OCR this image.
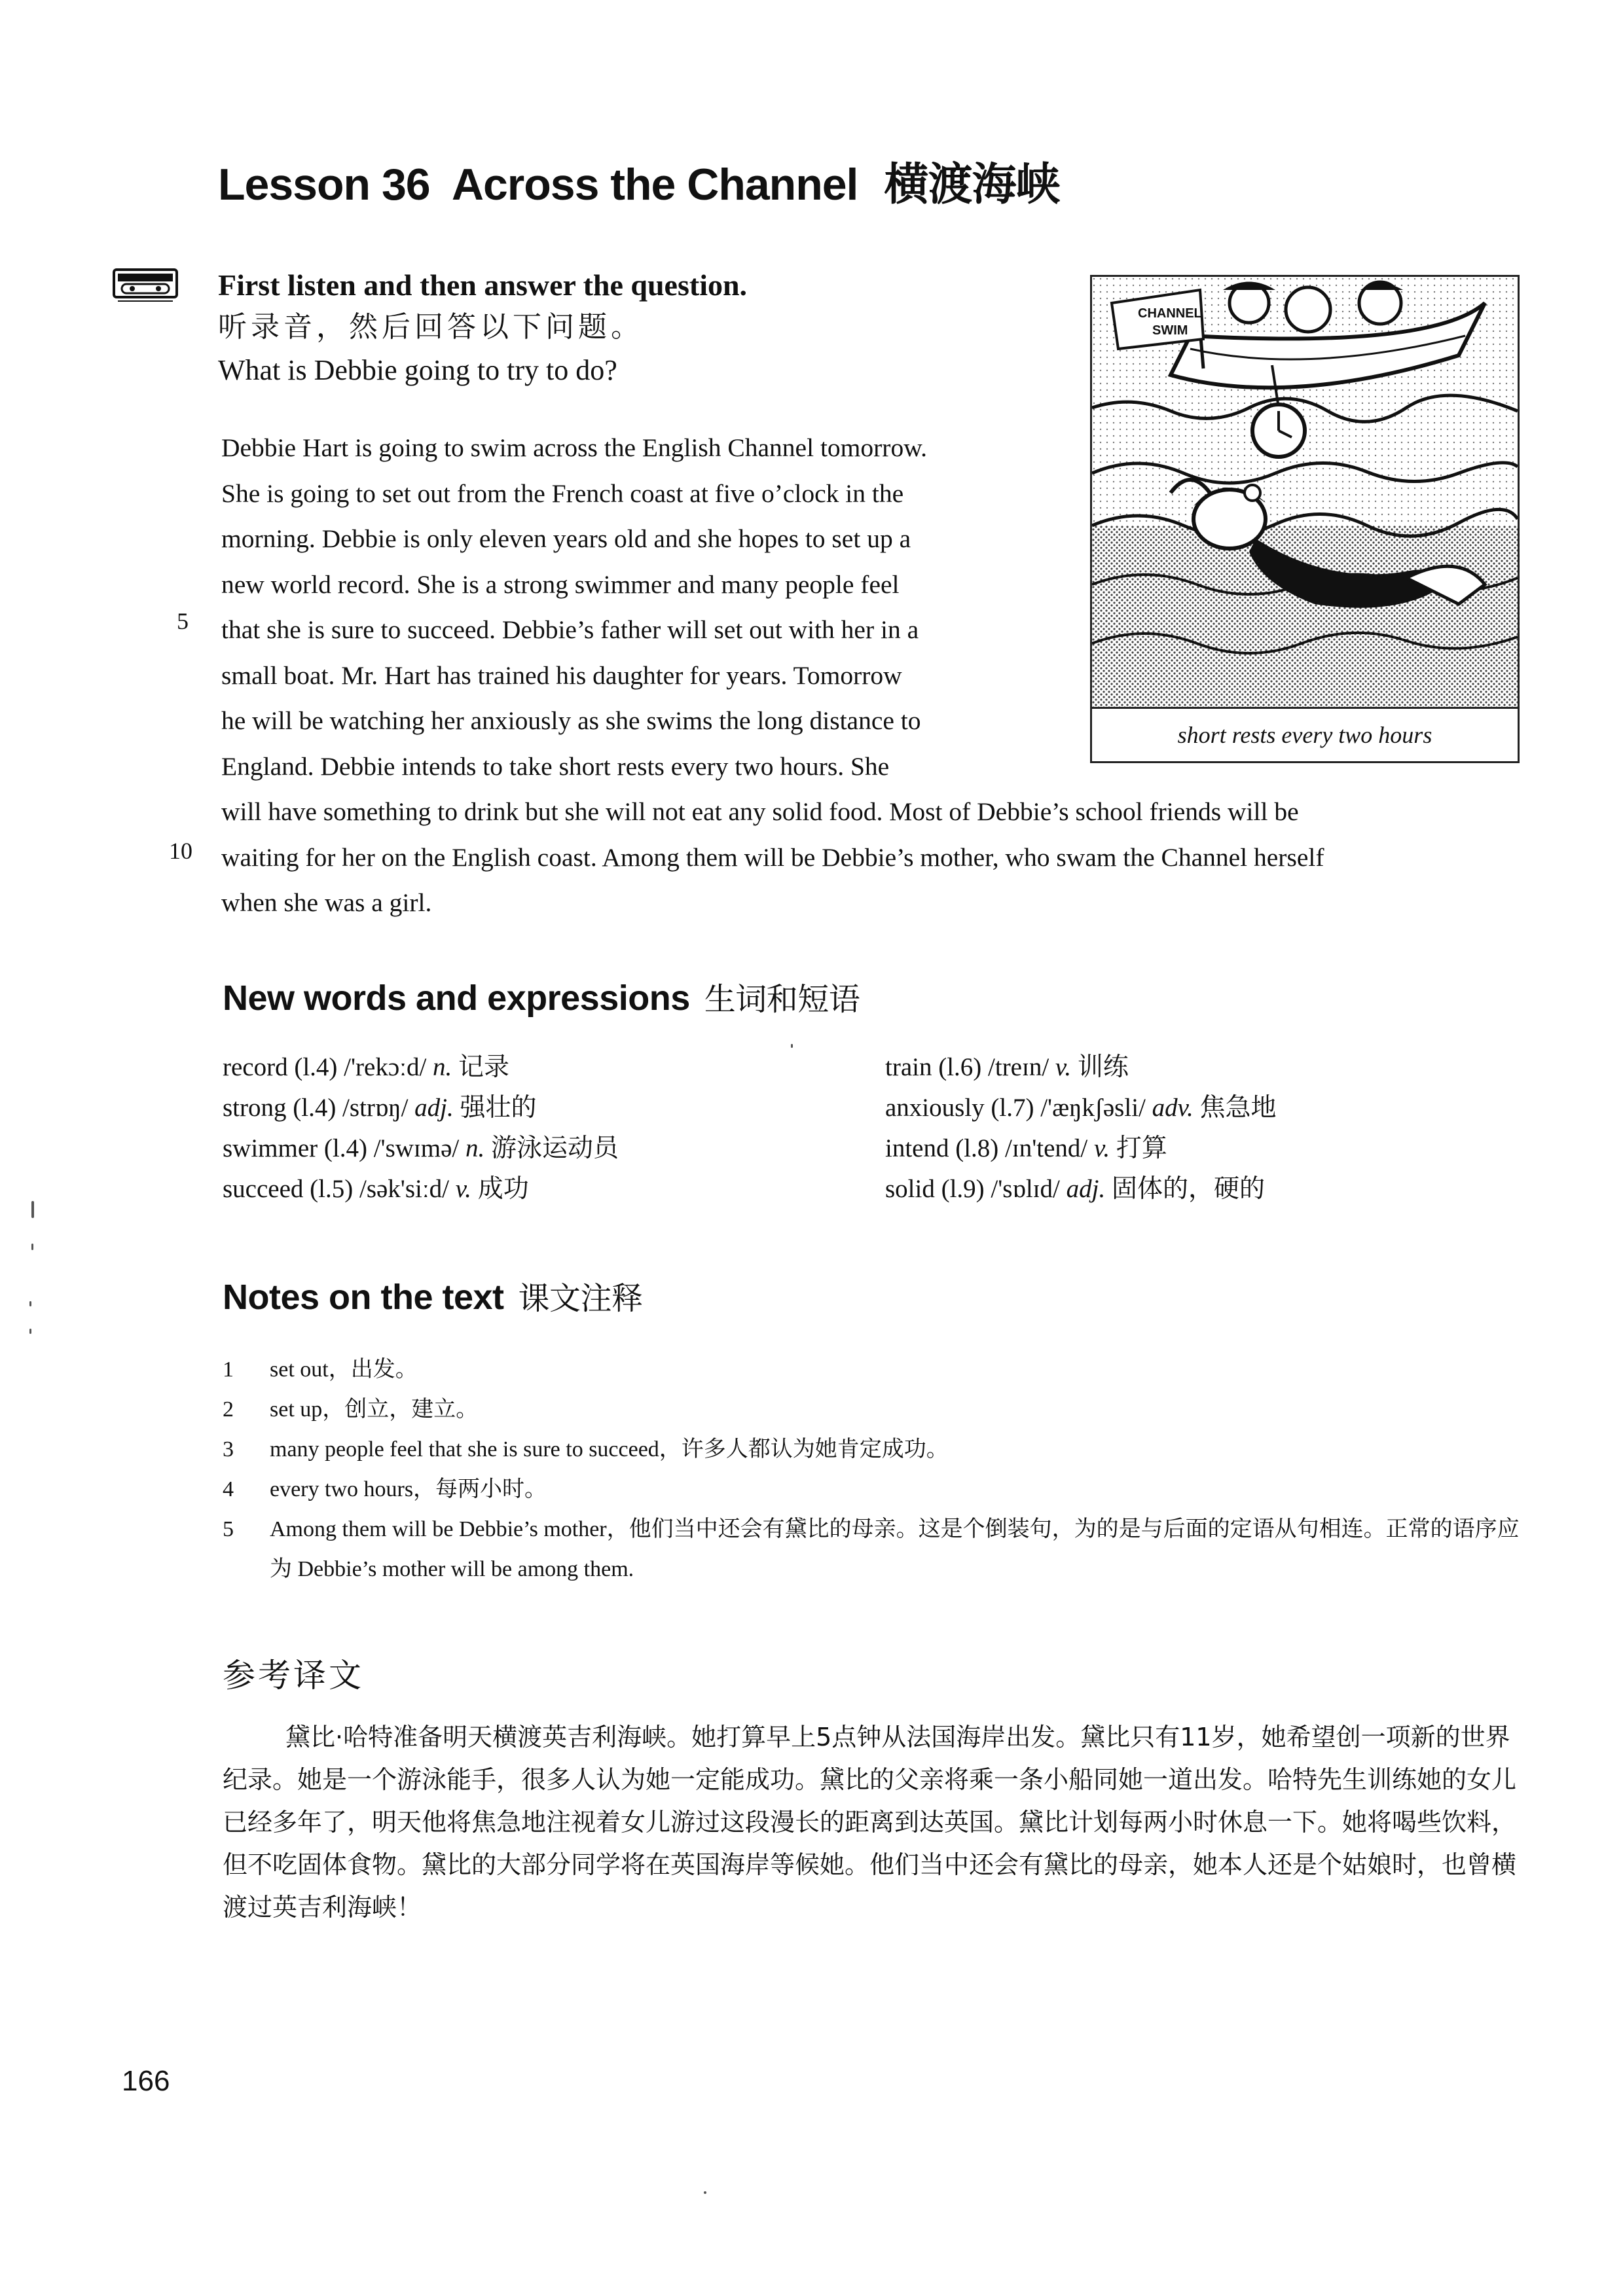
Lesson 36  Across the Channel 横渡海峡
First listen and then answer the question.
听录音，然后回答以下问题。
What is Debbie going to try to do?
Debbie Hart is going to swim across the English Channel tomorrow.
She is going to set out from the French coast at five o’clock in the
morning. Debbie is only eleven years old and she hopes to set up a
new world record. She is a strong swimmer and many people feel
that she is sure to succeed. Debbie’s father will set out with her in a
small boat. Mr. Hart has trained his daughter for years. Tomorrow
he will be watching her anxiously as she swims the long distance to
England. Debbie intends to take short rests every two hours. She
will have something to drink but she will not eat any solid food. Most of Debbie’s school friends will be
waiting for her on the English coast. Among them will be Debbie’s mother, who swam the Channel herself
when she was a girl.
5
10
CHANNEL
SWIM
short rests every two hours
New words and expressions 生词和短语
record (l.4) /'rekɔːd/ n. 记录
strong (l.4) /strɒŋ/ adj. 强壮的
swimmer (l.4) /'swɪmə/ n. 游泳运动员
succeed (l.5) /sək'siːd/ v. 成功
train (l.6) /treɪn/ v. 训练
anxiously (l.7) /'æŋkʃəsli/ adv. 焦急地
intend (l.8) /ɪn'tend/ v. 打算
solid (l.9) /'sɒlɪd/ adj. 固体的，硬的
Notes on the text 课文注释
1	set out，出发。
2	set up，创立，建立。
3	many people feel that she is sure to succeed，许多人都认为她肯定成功。
4	every two hours，每两小时。
5	Among them will be Debbie’s mother，他们当中还会有黛比的母亲。这是个倒装句，为的是与后面的定语从句相连。正常的语序应为 Debbie’s mother will be among them.
参考译文
黛比·哈特准备明天横渡英吉利海峡。她打算早上5点钟从法国海岸出发。黛比只有11岁，她希望创一项新的世界纪录。她是一个游泳能手，很多人认为她一定能成功。黛比的父亲将乘一条小船同她一道出发。哈特先生训练她的女儿已经多年了，明天他将焦急地注视着女儿游过这段漫长的距离到达英国。黛比计划每两小时休息一下。她将喝些饮料，但不吃固体食物。黛比的大部分同学将在英国海岸等候她。他们当中还会有黛比的母亲，她本人还是个姑娘时，也曾横渡过英吉利海峡！
166
